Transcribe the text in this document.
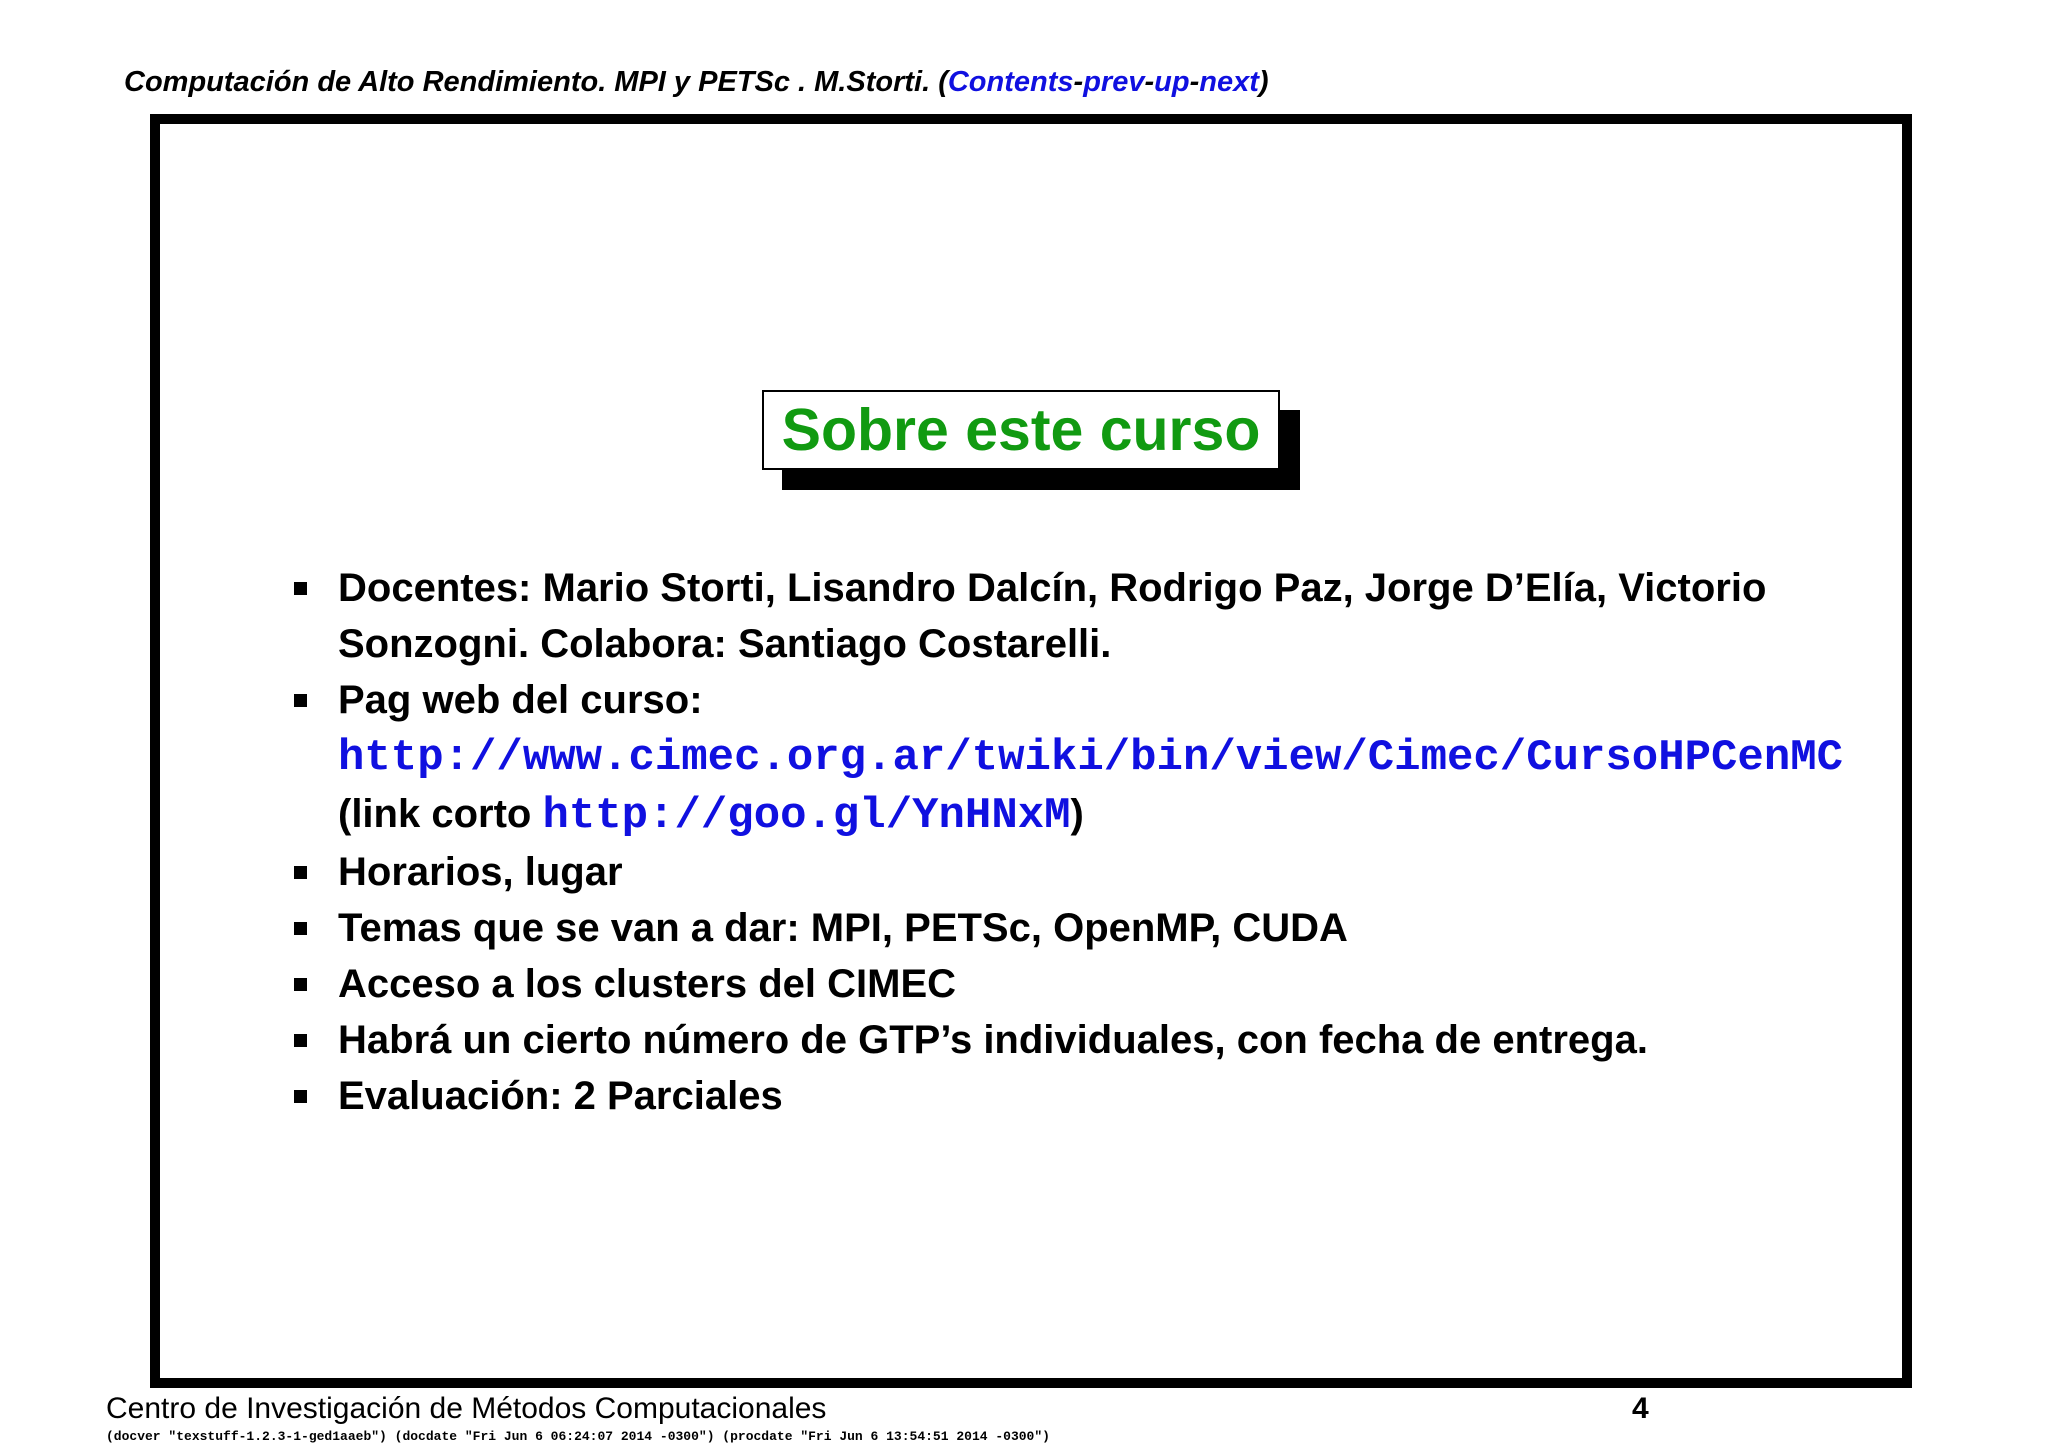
Computación de Alto Rendimiento. MPI y PETSc . M.Storti. (Contents-prev-up-next)
Sobre este curso
Docentes: Mario Storti, Lisandro Dalcín, Rodrigo Paz, Jorge D’Elía, Victorio Sonzogni. Colabora: Santiago Costarelli.
Pag web del curso: http://www.cimec.org.ar/twiki/bin/view/Cimec/CursoHPCenMC (link corto http://goo.gl/YnHNxM)
Horarios, lugar
Temas que se van a dar: MPI, PETSc, OpenMP, CUDA
Acceso a los clusters del CIMEC
Habrá un cierto número de GTP’s individuales, con fecha de entrega.
Evaluación: 2 Parciales
Centro de Investigación de Métodos Computacionales	4
(docver "texstuff-1.2.3-1-ged1aaeb") (docdate "Fri Jun 6 06:24:07 2014 -0300") (procdate "Fri Jun 6 13:54:51 2014 -0300")
